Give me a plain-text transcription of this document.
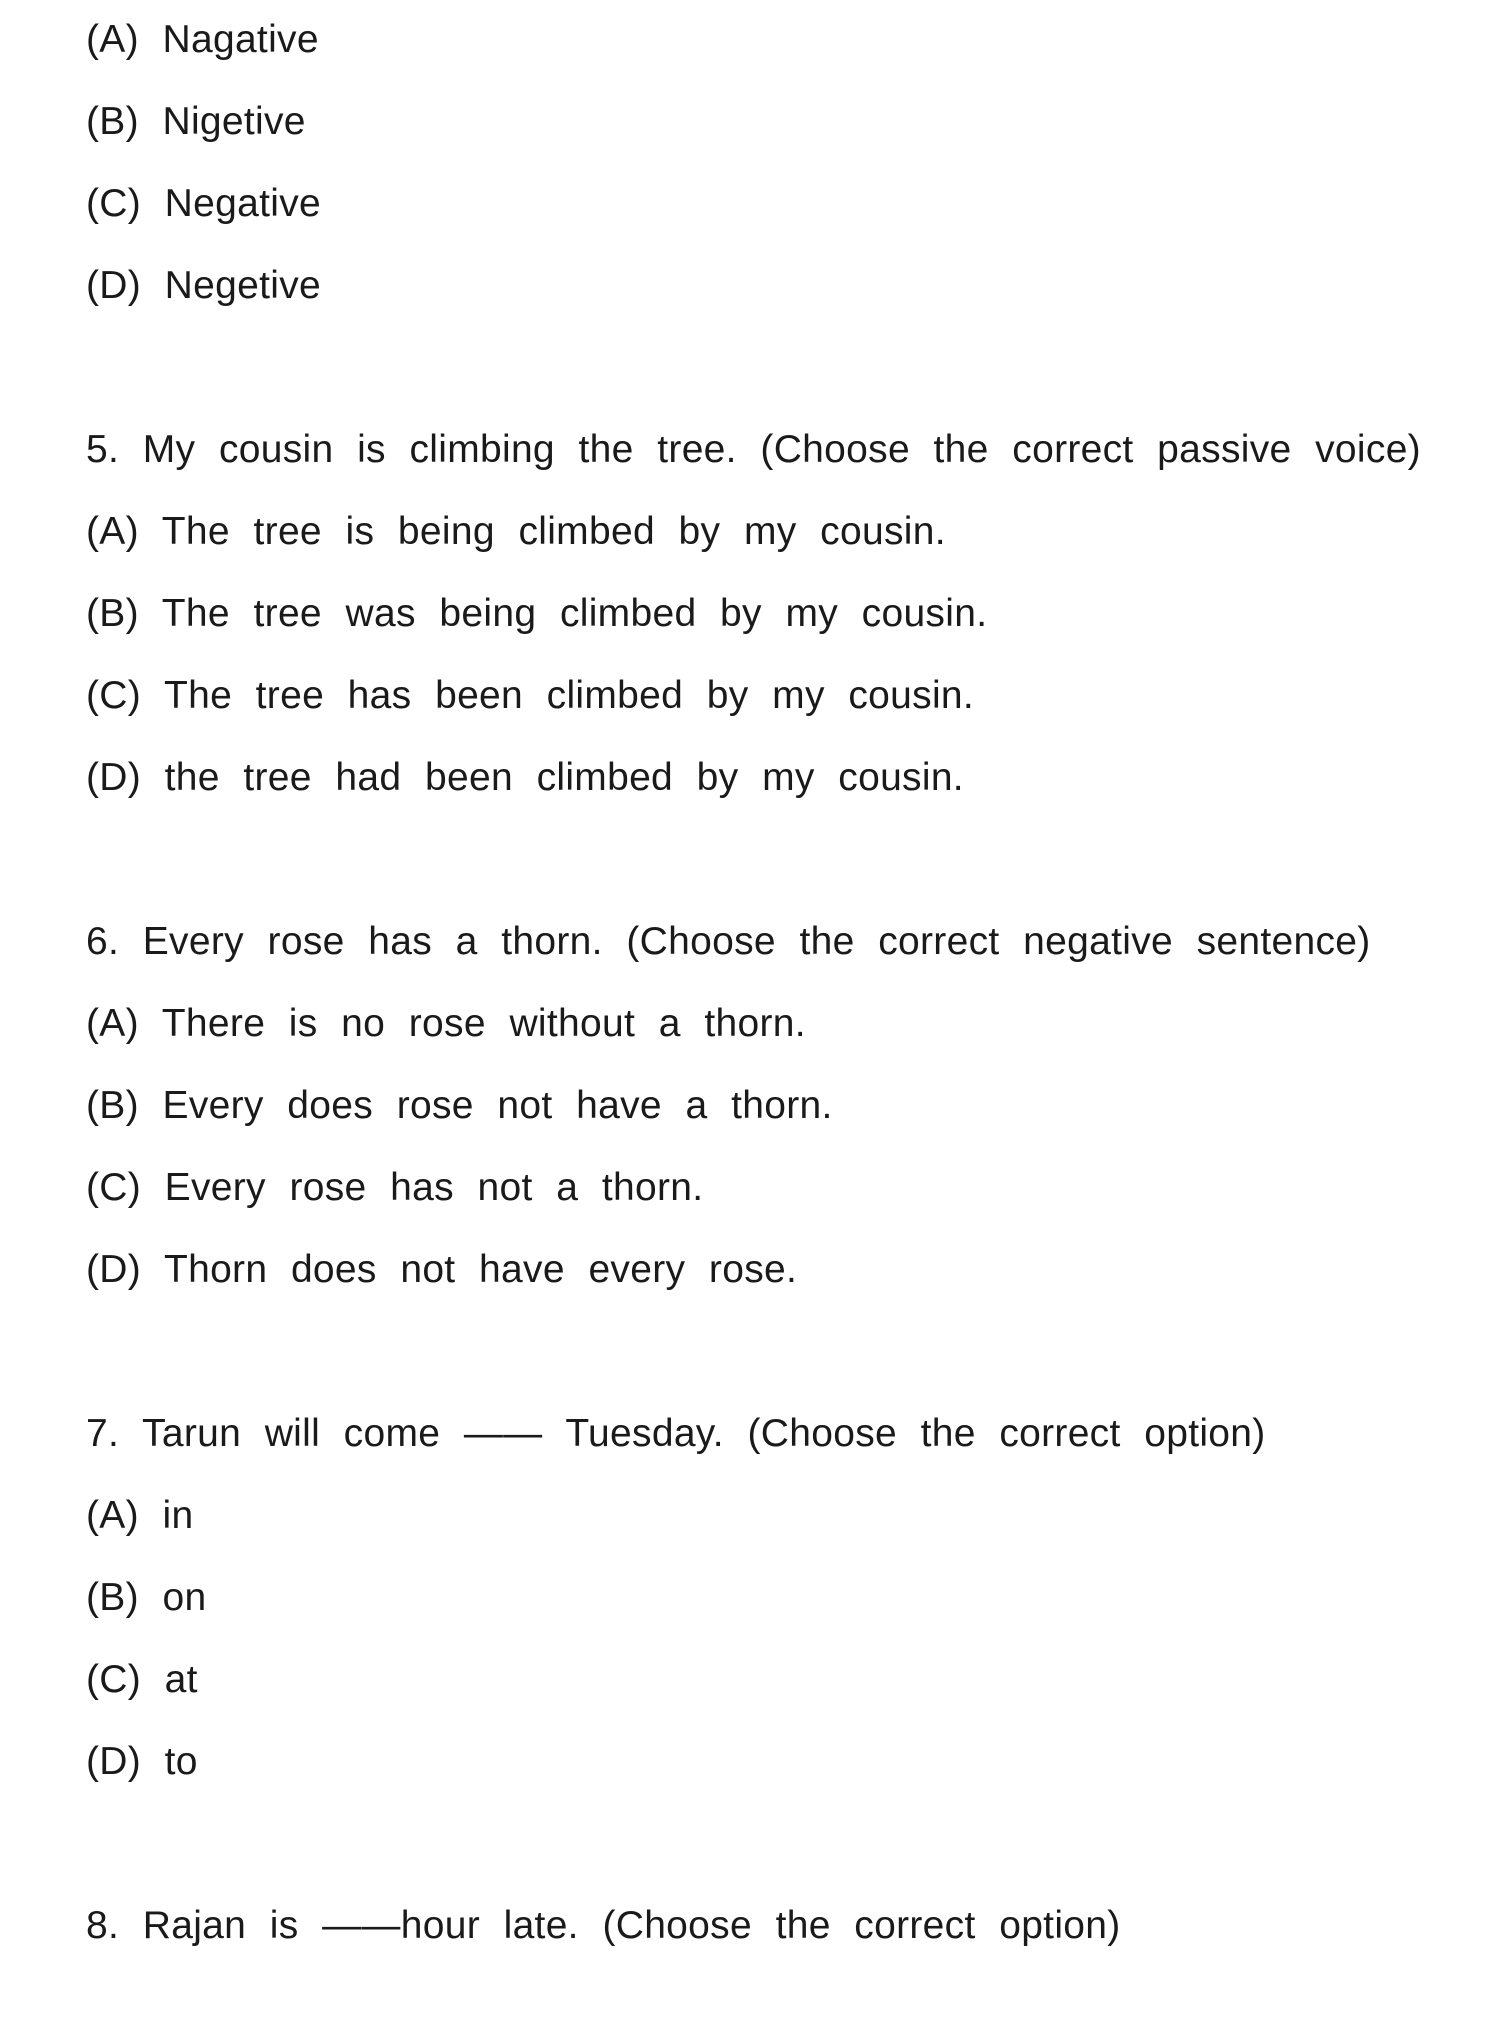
(A) Nagative

(B) Nigetive

(C) Negative

(D) Negetive

5. My cousin is climbing the tree. (Choose the correct passive voice)

(A) The tree is being climbed by my cousin.

(B) The tree was being climbed by my cousin.

(C) The tree has been climbed by my cousin.

(D) the tree had been climbed by my cousin.

6. Every rose has a thorn. (Choose the correct negative sentence)

(A) There is no rose without a thorn.

(B) Every does rose not have a thorn.

(C) Every rose has not a thorn.

(D) Thorn does not have every rose.

7. Tarun will come —— Tuesday. (Choose the correct option)

(A) in

(B) on

(C) at

(D) to

8. Rajan is ——hour late. (Choose the correct option)
